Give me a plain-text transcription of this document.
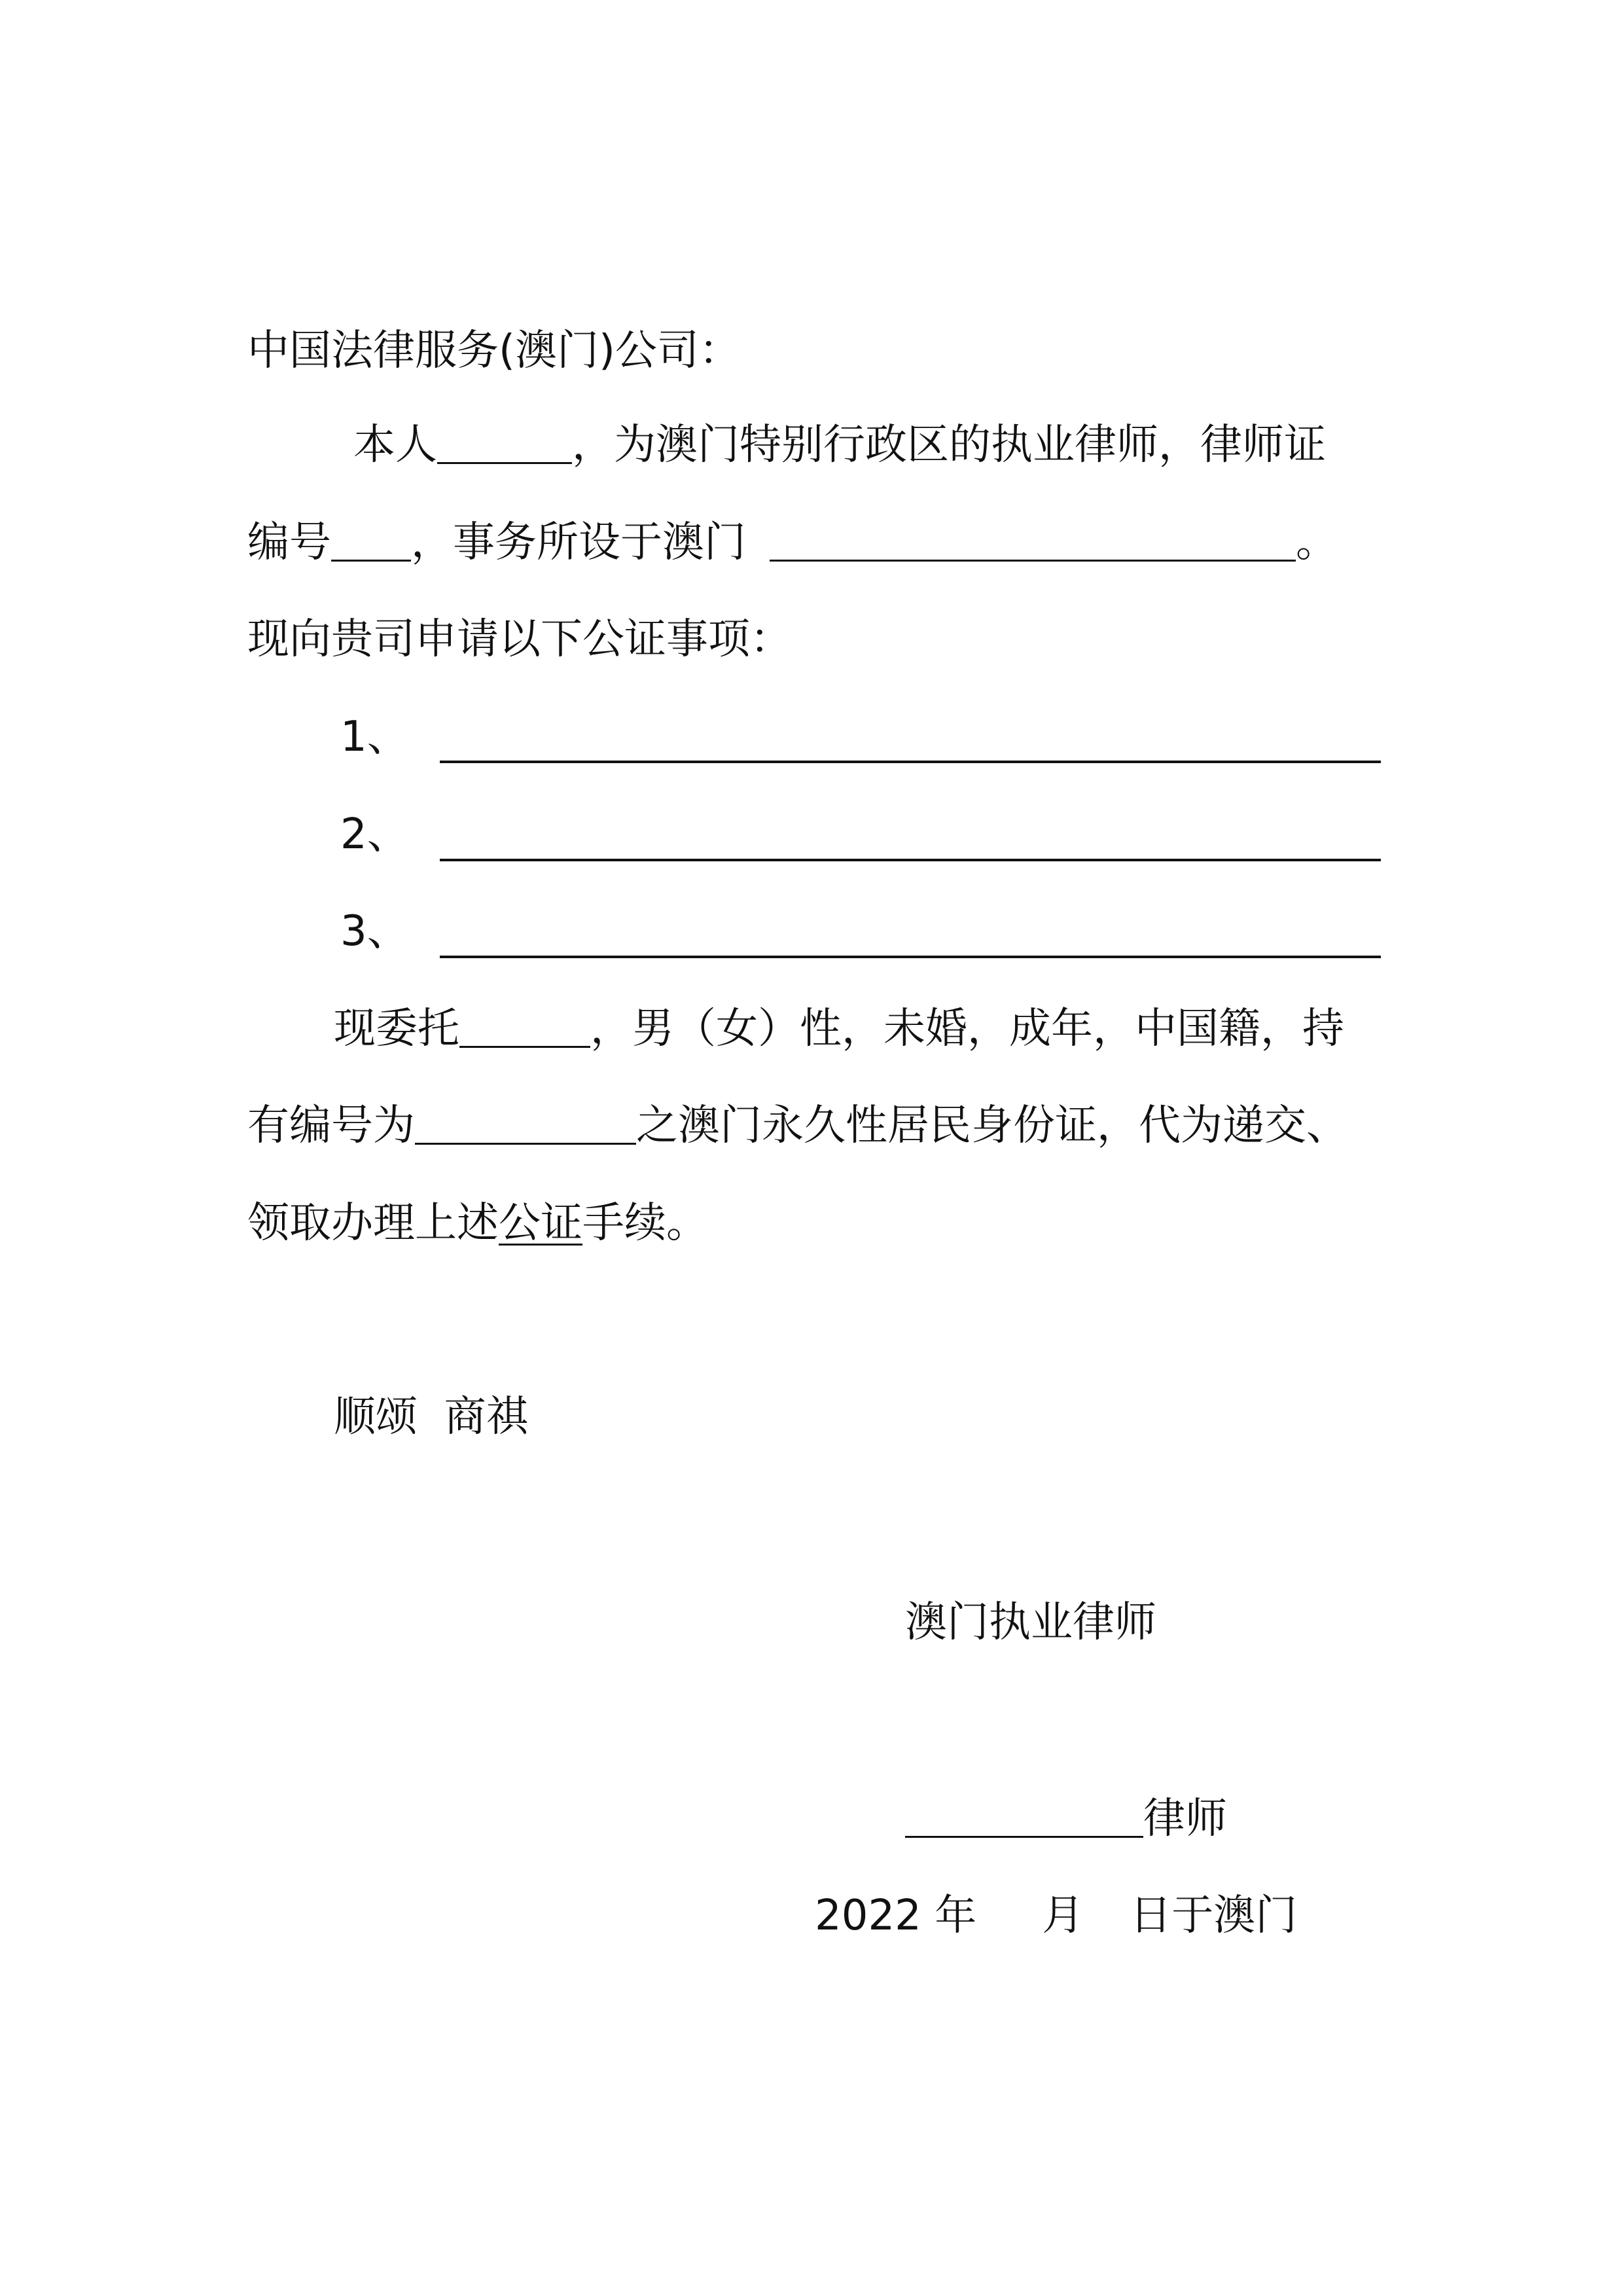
中国法律服务(澳门)公司：
本人	，为澳门特别行政区的执业律师，律师证
编号 ，事务所设于澳门	。
现向贵司申请以下公证事项：
1、
2、
3、
现委托	，男（女）性，未婚，成年，中国籍，持
有编号为	之澳门永久性居民身份证，代为递交、
领取办理上述公证手续。
顺颂  商祺
澳门执业律师
律师
2022 年 月 日于澳门
